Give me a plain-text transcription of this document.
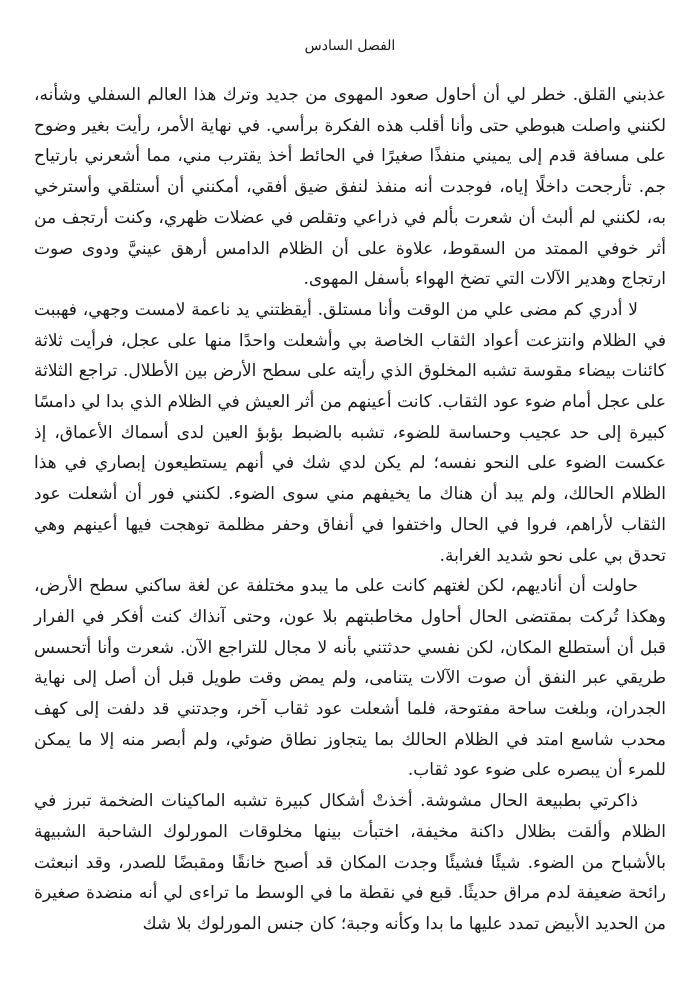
الفصل السادس

عذبني القلق. خطر لي أن أحاول صعود المهوى من جديد وترك هذا العالم السفلي وشأنه، لكنني واصلت هبوطي حتى وأنا أقلب هذه الفكرة برأسي. في نهاية الأمر، رأيت بغير وضوح على مسافة قدم إلى يميني منفذًا صغيرًا في الحائط أخذ يقترب مني، مما أشعرني بارتياح جم. تأرجحت داخلًا إياه، فوجدت أنه منفذ لنفق ضيق أفقي، أمكنني أن أستلقي وأسترخي به، لكنني لم ألبث أن شعرت بألم في ذراعي وتقلص في عضلات ظهري، وكنت أرتجف من أثر خوفي الممتد من السقوط، علاوة على أن الظلام الدامس أرهق عينيَّ ودوى صوت ارتجاج وهدير الآلات التي تضخ الهواء بأسفل المهوى.

لا أدري كم مضى علي من الوقت وأنا مستلق. أيقظتني يد ناعمة لامست وجهي، فهببت في الظلام وانتزعت أعواد الثقاب الخاصة بي وأشعلت واحدًا منها على عجل، فرأيت ثلاثة كائنات بيضاء مقوسة تشبه المخلوق الذي رأيته على سطح الأرض بين الأطلال. تراجع الثلاثة على عجل أمام ضوء عود الثقاب. كانت أعينهم من أثر العيش في الظلام الذي بدا لي دامسًا كبيرة إلى حد عجيب وحساسة للضوء، تشبه بالضبط بؤبؤ العين لدى أسماك الأعماق، إذ عكست الضوء على النحو نفسه؛ لم يكن لدي شك في أنهم يستطيعون إبصاري في هذا الظلام الحالك، ولم يبد أن هناك ما يخيفهم مني سوى الضوء. لكنني فور أن أشعلت عود الثقاب لأراهم، فروا في الحال واختفوا في أنفاق وحفر مظلمة توهجت فيها أعينهم وهي تحدق بي على نحو شديد الغرابة.

حاولت أن أناديهم، لكن لغتهم كانت على ما يبدو مختلفة عن لغة ساكني سطح الأرض، وهكذا تُركت بمقتضى الحال أحاول مخاطبتهم بلا عون، وحتى آنذاك كنت أفكر في الفرار قبل أن أستطلع المكان، لكن نفسي حدثتني بأنه لا مجال للتراجع الآن. شعرت وأنا أتحسس طريقي عبر النفق أن صوت الآلات يتنامى، ولم يمض وقت طويل قبل أن أصل إلى نهاية الجدران، وبلغت ساحة مفتوحة، فلما أشعلت عود ثقاب آخر، وجدتني قد دلفت إلى كهف محدب شاسع امتد في الظلام الحالك بما يتجاوز نطاق ضوئي، ولم أبصر منه إلا ما يمكن للمرء أن يبصره على ضوء عود ثقاب.

ذاكرتي بطبيعة الحال مشوشة. أخذتْ أشكال كبيرة تشبه الماكينات الضخمة تبرز في الظلام وألقت بظلال داكنة مخيفة، اختبأت بينها مخلوقات المورلوك الشاحبة الشبيهة بالأشباح من الضوء. شيئًا فشيئًا وجدت المكان قد أصبح خانقًا ومقبضًا للصدر، وقد انبعثت رائحة ضعيفة لدم مراق حديثًا. قبع في نقطة ما في الوسط ما تراءى لي أنه منضدة صغيرة من الحديد الأبيض تمدد عليها ما بدا وكأنه وجبة؛ كان جنس المورلوك بلا شك
